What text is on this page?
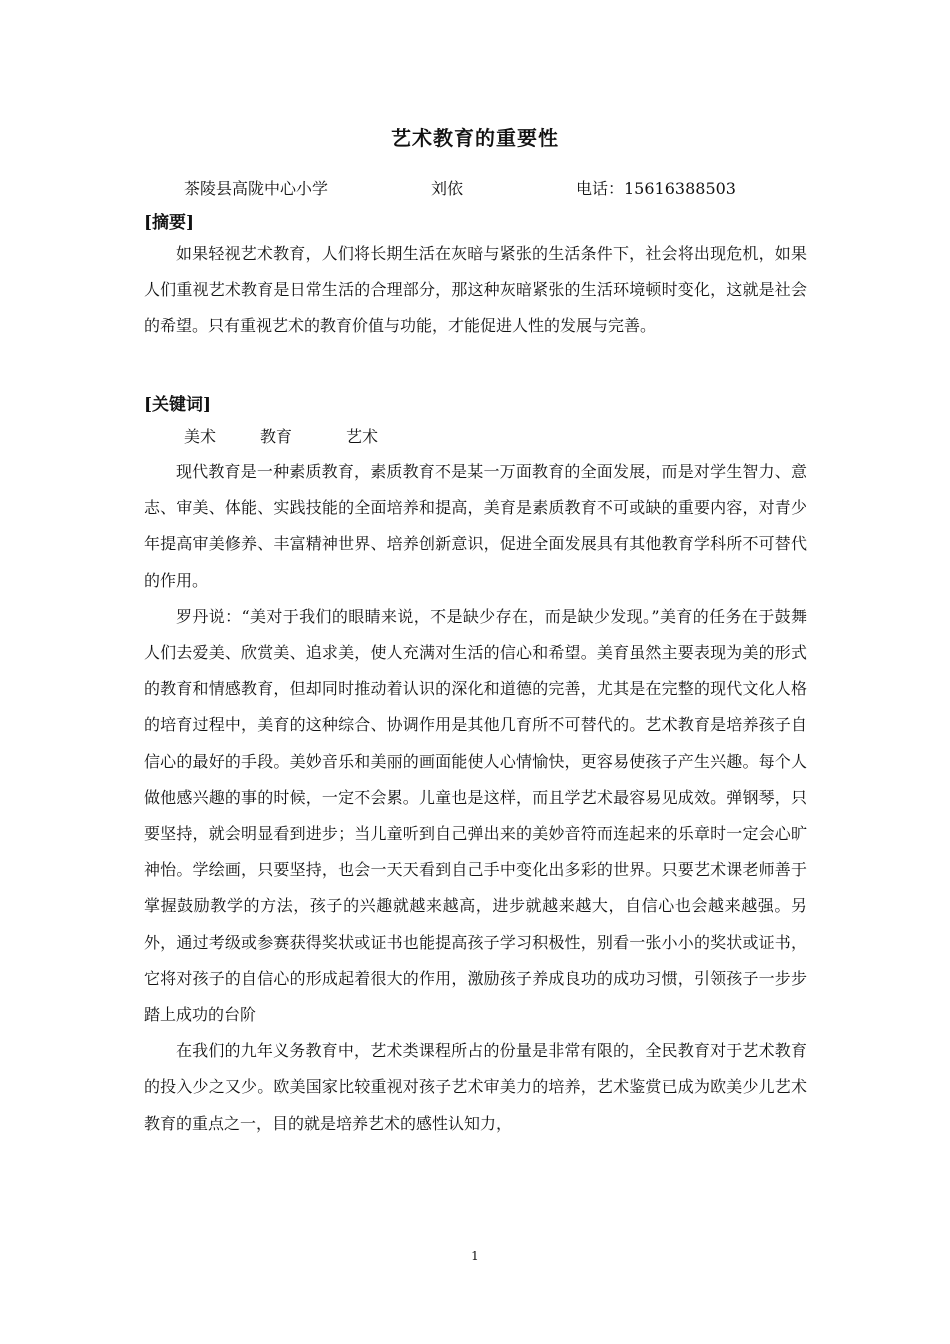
艺术教育的重要性
茶陵县高陇中心小学	刘依	电话：15616388503
[摘要]

如果轻视艺术教育，人们将长期生活在灰暗与紧张的生活条件下，社会将出现危机，如果人们重视艺术教育是日常生活的合理部分，那这种灰暗紧张的生活环境顿时变化，这就是社会的希望。只有重视艺术的教育价值与功能，才能促进人性的发展与完善。

[关键词]
美术	教育	艺术

现代教育是一种素质教育，素质教育不是某一万面教育的全面发展，而是对学生智力、意志、审美、体能、实践技能的全面培养和提高，美育是素质教育不可或缺的重要内容，对青少年提高审美修养、丰富精神世界、培养创新意识，促进全面发展具有其他教育学科所不可替代的作用。

罗丹说：“美对于我们的眼睛来说，不是缺少存在，而是缺少发现。”美育的任务在于鼓舞人们去爱美、欣赏美、追求美，使人充满对生活的信心和希望。美育虽然主要表现为美的形式的教育和情感教育，但却同时推动着认识的深化和道德的完善，尤其是在完整的现代文化人格的培育过程中，美育的这种综合、协调作用是其他几育所不可替代的。艺术教育是培养孩子自信心的最好的手段。美妙音乐和美丽的画面能使人心情愉快，更容易使孩子产生兴趣。每个人做他感兴趣的事的时候，一定不会累。儿童也是这样，而且学艺术最容易见成效。弹钢琴，只要坚持，就会明显看到进步；当儿童听到自己弹出来的美妙音符而连起来的乐章时一定会心旷神怡。学绘画，只要坚持，也会一天天看到自己手中变化出多彩的世界。只要艺术课老师善于掌握鼓励教学的方法，孩子的兴趣就越来越高，进步就越来越大，自信心也会越来越强。另外，通过考级或参赛获得奖状或证书也能提高孩子学习积极性，别看一张小小的奖状或证书，它将对孩子的自信心的形成起着很大的作用，激励孩子养成良功的成功习惯，引领孩子一步步踏上成功的台阶

在我们的九年义务教育中，艺术类课程所占的份量是非常有限的，全民教育对于艺术教育的投入少之又少。欧美国家比较重视对孩子艺术审美力的培养，艺术鉴赏已成为欧美少儿艺术教育的重点之一，目的就是培养艺术的感性认知力，

1
